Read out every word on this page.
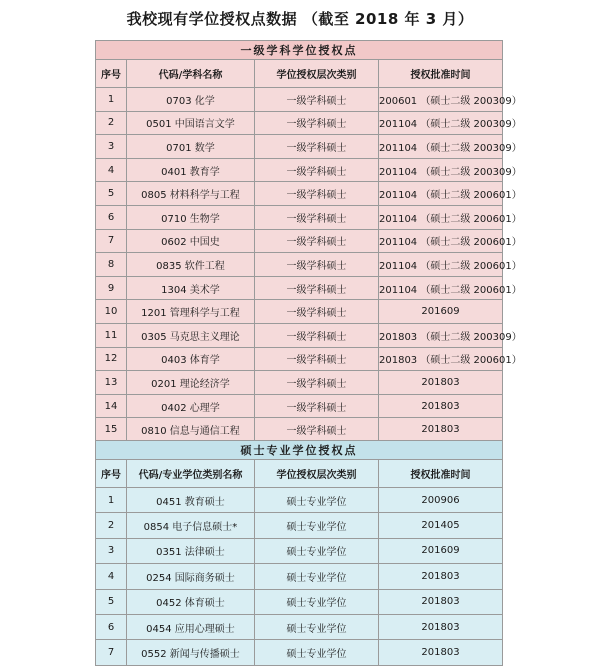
我校现有学位授权点数据 （截至 2018 年 3 月）
一级学科学位授权点			
序号	代码/学科名称	学位授权层次类别	授权批准时间
1	0703 化学	一级学科硕士	200601 （硕士二级 200309）
2	0501 中国语言文学	一级学科硕士	201104 （硕士二级 200309）
3	0701 数学	一级学科硕士	201104 （硕士二级 200309）
4	0401 教育学	一级学科硕士	201104 （硕士二级 200309）
5	0805 材料科学与工程	一级学科硕士	201104 （硕士二级 200601）
6	0710 生物学	一级学科硕士	201104 （硕士二级 200601）
7	0602 中国史	一级学科硕士	201104 （硕士二级 200601）
8	0835 软件工程	一级学科硕士	201104 （硕士二级 200601）
9	1304 美术学	一级学科硕士	201104 （硕士二级 200601）
10	1201 管理科学与工程	一级学科硕士	201609
11	0305 马克思主义理论	一级学科硕士	201803 （硕士二级 200309）
12	0403 体育学	一级学科硕士	201803 （硕士二级 200601）
13	0201 理论经济学	一级学科硕士	201803
14	0402 心理学	一级学科硕士	201803
15	0810 信息与通信工程	一级学科硕士	201803
硕士专业学位授权点			
序号	代码/专业学位类别名称	学位授权层次类别	授权批准时间
1	0451 教育硕士	硕士专业学位	200906
2	0854 电子信息硕士*	硕士专业学位	201405
3	0351 法律硕士	硕士专业学位	201609
4	0254 国际商务硕士	硕士专业学位	201803
5	0452 体育硕士	硕士专业学位	201803
6	0454 应用心理硕士	硕士专业学位	201803
7	0552 新闻与传播硕士	硕士专业学位	201803
